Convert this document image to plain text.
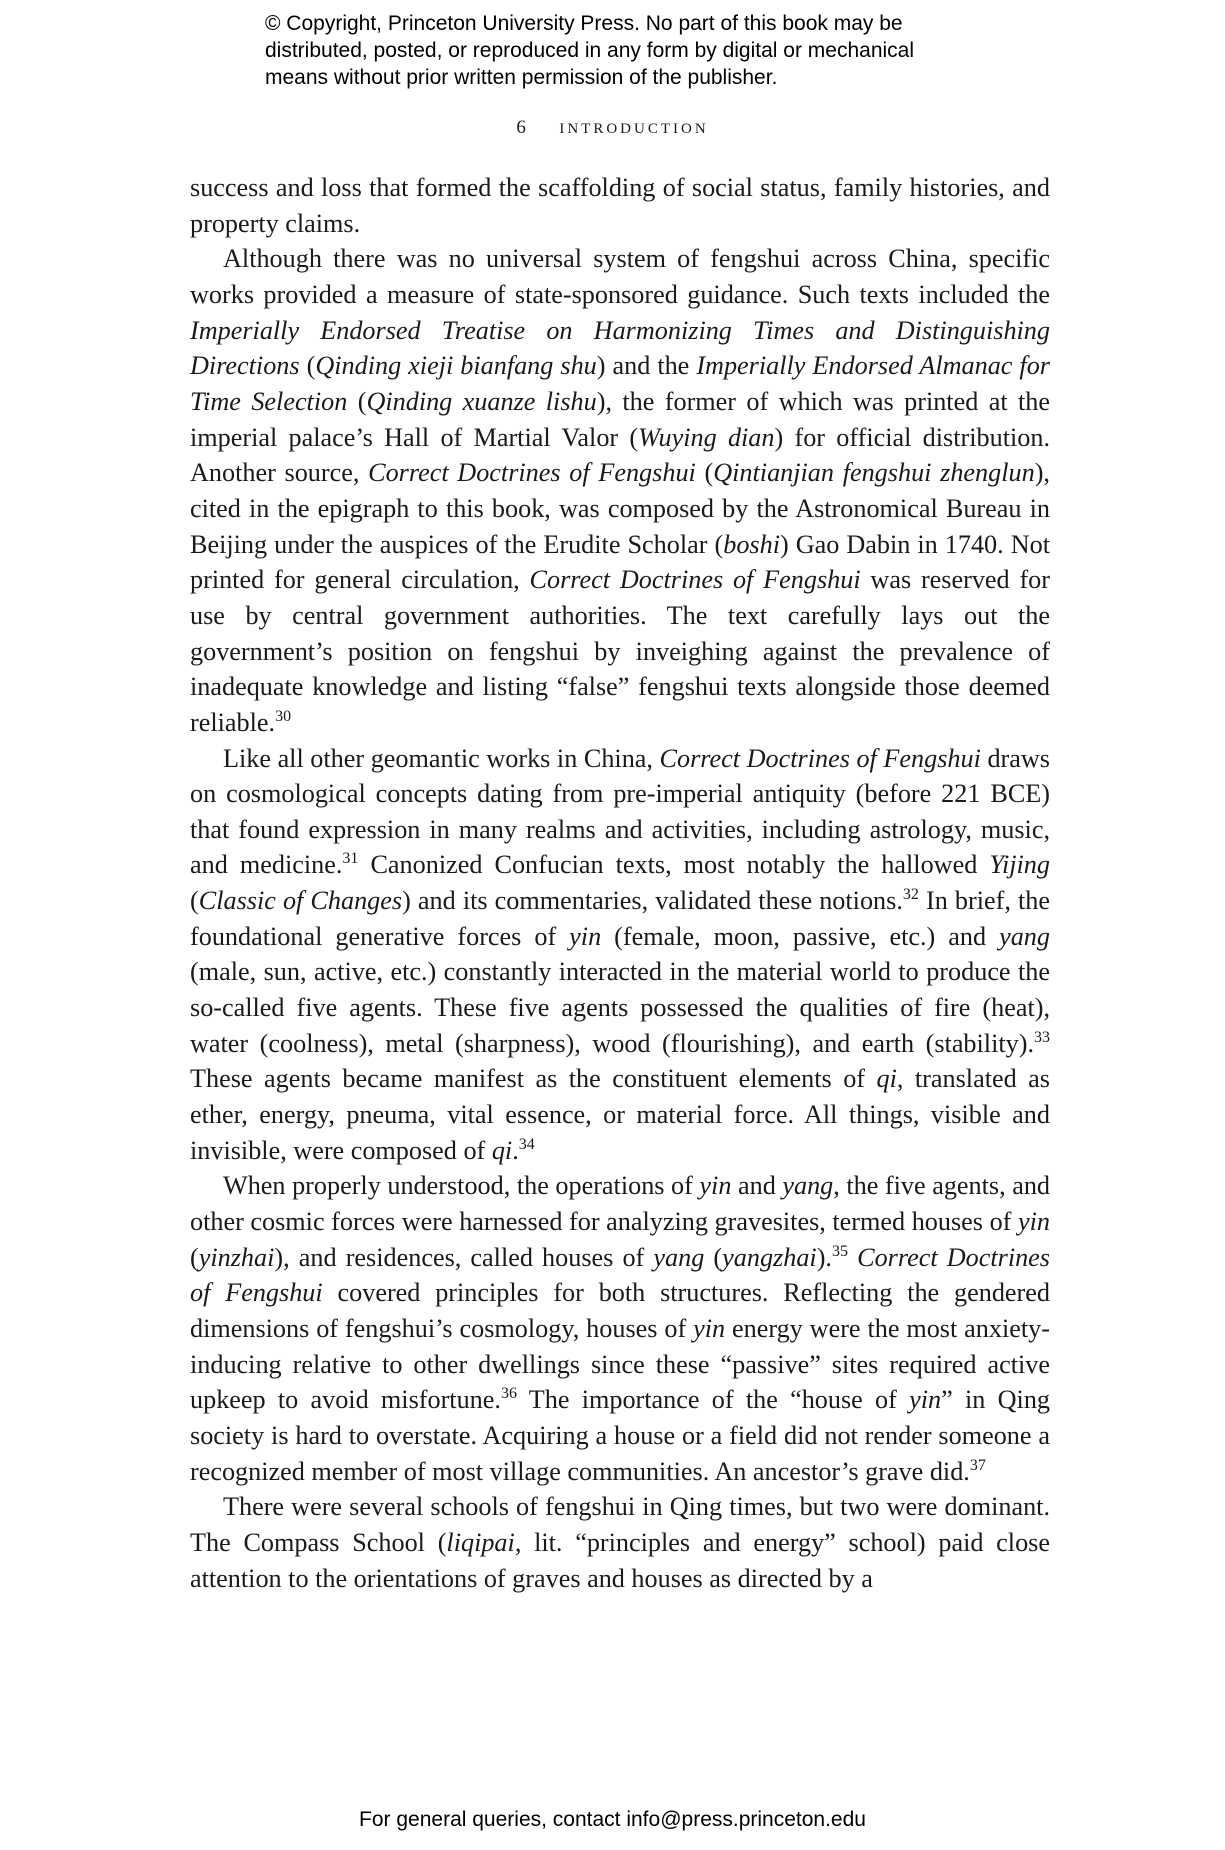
© Copyright, Princeton University Press. No part of this book may be
distributed, posted, or reproduced in any form by digital or mechanical
means without prior written permission of the publisher.
6 introduction

success and loss that formed the scaffolding of social status, family histories, and property claims.

Although there was no universal system of fengshui across China, specific works provided a measure of state-sponsored guidance. Such texts included the Imperially Endorsed Treatise on Harmonizing Times and Distinguishing Directions (Qinding xieji bianfang shu) and the Imperially Endorsed Almanac for Time Selection (Qinding xuanze lishu), the former of which was printed at the imperial palace’s Hall of Martial Valor (Wuying dian) for official distribution. Another source, Correct Doctrines of Fengshui (Qintianjian fengshui zhenglun), cited in the epigraph to this book, was composed by the Astronomical Bureau in Beijing under the auspices of the Erudite Scholar (boshi) Gao Dabin in 1740. Not printed for general circulation, Correct Doctrines of Fengshui was reserved for use by central government authorities. The text carefully lays out the government’s position on fengshui by inveighing against the prevalence of inadequate knowledge and listing “false” fengshui texts alongside those deemed reliable.$^{30}$

Like all other geomantic works in China, Correct Doctrines of Fengshui draws on cosmological concepts dating from pre-imperial antiquity (before 221 BCE) that found expression in many realms and activities, including astrology, music, and medicine.$^{31}$ Canonized Confucian texts, most notably the hallowed Yijing (Classic of Changes) and its commentaries, validated these notions.$^{32}$ In brief, the foundational generative forces of yin (female, moon, passive, etc.) and yang (male, sun, active, etc.) constantly interacted in the material world to produce the so-called five agents. These five agents possessed the qualities of fire (heat), water (coolness), metal (sharpness), wood (flourishing), and earth (stability).$^{33}$ These agents became manifest as the constituent elements of qi, translated as ether, energy, pneuma, vital essence, or material force. All things, visible and invisible, were composed of qi.$^{34}$

When properly understood, the operations of yin and yang, the five agents, and other cosmic forces were harnessed for analyzing gravesites, termed houses of yin (yinzhai), and residences, called houses of yang (yangzhai).$^{35}$ Correct Doctrines of Fengshui covered principles for both structures. Reflecting the gendered dimensions of fengshui’s cosmology, houses of yin energy were the most anxiety-inducing relative to other dwellings since these “passive” sites required active upkeep to avoid misfortune.$^{36}$ The importance of the “house of yin” in Qing society is hard to overstate. Acquiring a house or a field did not render someone a recognized member of most village communities. An ancestor’s grave did.$^{37}$

There were several schools of fengshui in Qing times, but two were dominant. The Compass School (liqipai, lit. “principles and energy” school) paid close attention to the orientations of graves and houses as directed by a

For general queries, contact info@press.princeton.edu
